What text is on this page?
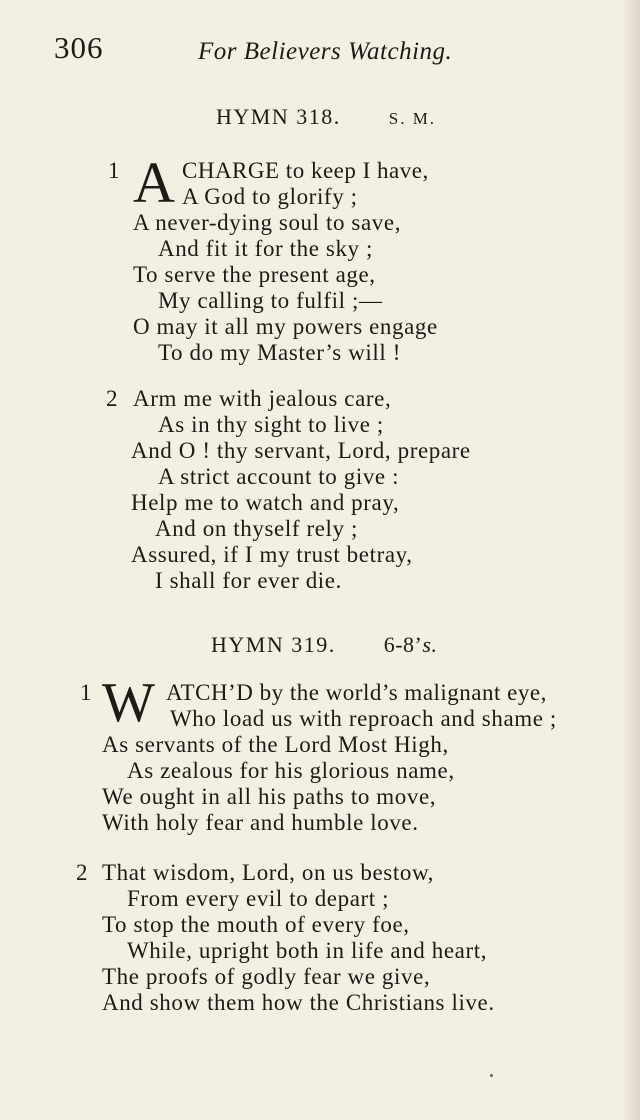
306	For Believers Watching.
HYMN 318.	S. M.
1 A CHARGE to keep I have,
A God to glorify ;
A never-dying soul to save,
And fit it for the sky ;
To serve the present age,
My calling to fulfil ;—
O may it all my powers engage
To do my Master’s will !
2 Arm me with jealous care,
As in thy sight to live ;
And O ! thy servant, Lord, prepare
A strict account to give :
Help me to watch and pray,
And on thyself rely ;
Assured, if I my trust betray,
I shall for ever die.
HYMN 319. 6-8’s.
1 W ATCH’D by the world’s malignant eye,
Who load us with reproach and shame ;
As servants of the Lord Most High,
As zealous for his glorious name,
We ought in all his paths to move,
With holy fear and humble love.
2 That wisdom, Lord, on us bestow,
From every evil to depart ;
To stop the mouth of every foe,
While, upright both in life and heart,
The proofs of godly fear we give,
And show them how the Christians live.
